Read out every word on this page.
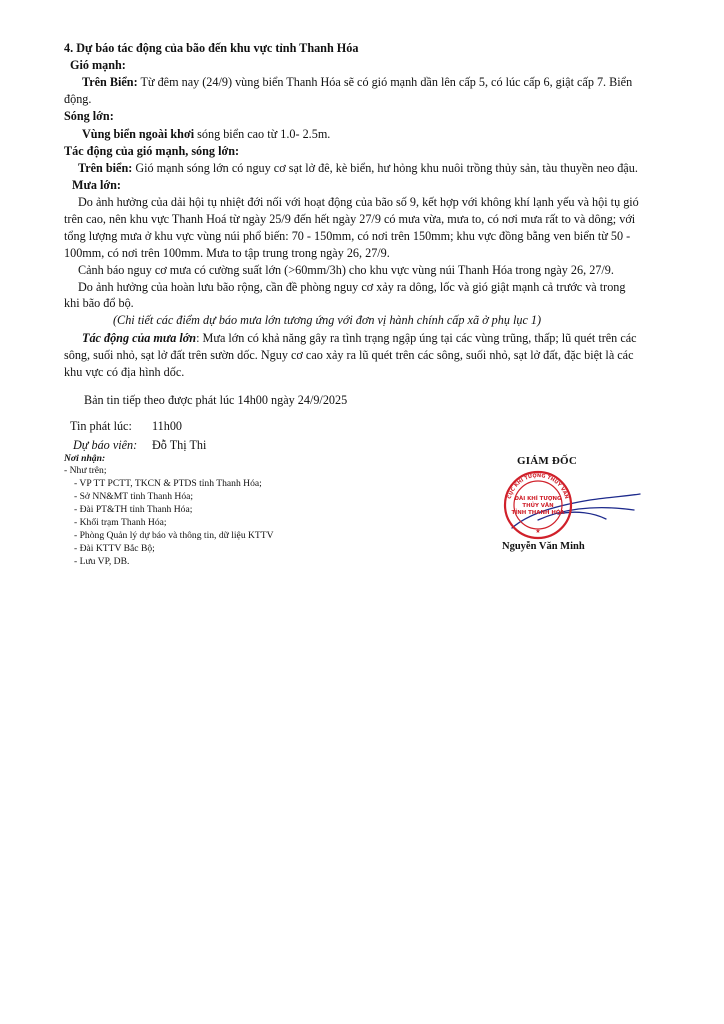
4. Dự báo tác động của bão đến khu vực tỉnh Thanh Hóa
Gió mạnh:
Trên Biển: Từ đêm nay (24/9) vùng biển Thanh Hóa sẽ có gió mạnh dần lên cấp 5, có lúc cấp 6, giật cấp 7. Biển
động.
Sóng lớn:
Vùng biển ngoài khơi sóng biển cao từ 1.0- 2.5m.
Tác động của gió mạnh, sóng lớn:
Trên biển: Gió mạnh sóng lớn có nguy cơ sạt lở đê, kè biển, hư hỏng khu nuôi trồng thủy sản, tàu thuyền neo đậu.
Mưa lớn:
Do ảnh hưởng của dải hội tụ nhiệt đới nối với hoạt động của bão số 9, kết hợp với không khí lạnh yếu và hội tụ gió
trên cao, nên khu vực Thanh Hoá từ ngày 25/9 đến hết ngày 27/9 có mưa vừa, mưa to, có nơi mưa rất to và dông; với
tổng lượng mưa ở khu vực vùng núi phổ biến: 70 - 150mm, có nơi trên 150mm; khu vực đồng bằng ven biển từ 50 -
100mm, có nơi trên 100mm. Mưa to tập trung trong ngày 26, 27/9.
Cảnh báo nguy cơ mưa có cường suất lớn (>60mm/3h) cho khu vực vùng núi Thanh Hóa trong ngày 26, 27/9.
Do ảnh hưởng của hoàn lưu bão rộng, cần đề phòng nguy cơ xảy ra dông, lốc và gió giật mạnh cả trước và trong
khi bão đổ bộ.
(Chi tiết các điểm dự báo mưa lớn tương ứng với đơn vị hành chính cấp xã ở phụ lục 1)
Tác động của mưa lớn: Mưa lớn có khả năng gây ra tình trạng ngập úng tại các vùng trũng, thấp; lũ quét trên các
sông, suối nhỏ, sạt lở đất trên sườn dốc. Nguy cơ cao xảy ra lũ quét trên các sông, suối nhỏ, sạt lở đất, đặc biệt là các
khu vực có địa hình dốc.
Bản tin tiếp theo được phát lúc 14h00 ngày 24/9/2025
Tin phát lúc: 11h00
Dự báo viên: Đỗ Thị Thi
Nơi nhận:
- Như trên;
- VP TT PCTT, TKCN & PTDS tỉnh Thanh Hóa;
- Sở NN&MT tỉnh Thanh Hóa;
- Đài PT&TH tỉnh Thanh Hóa;
- Khối trạm Thanh Hóa;
- Phòng Quản lý dự báo và thông tin, dữ liệu KTTV
- Đài KTTV Bắc Bộ;
- Lưu VP, DB.
GIÁM ĐỐC
CỤC KHÍ TƯỢNG THỦY VĂN
ĐÀI KHÍ TƯỢNG
THỦY VĂN
TỈNH THANH HÓA
★
Nguyễn Văn Minh
